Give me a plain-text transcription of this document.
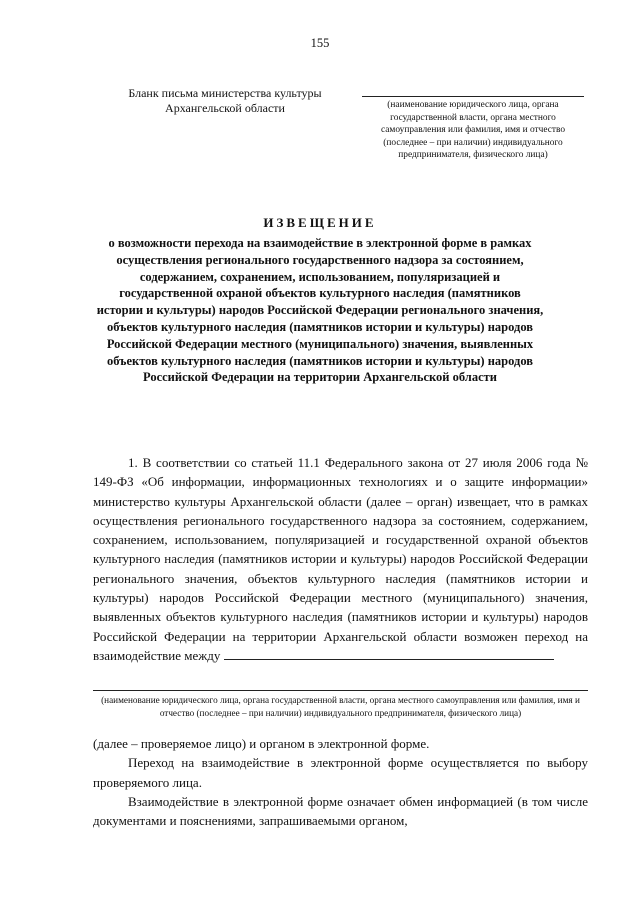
155
Бланк письма министерства культуры
Архангельской области	(наименование юридического лица, органа государственной власти, органа местного самоуправления или фамилия, имя и отчество (последнее – при наличии) индивидуального предпринимателя, физического лица)
ИЗВЕЩЕНИЕ
о возможности перехода на взаимодействие в электронной форме в рамках осуществления регионального государственного надзора за состоянием, содержанием, сохранением, использованием, популяризацией и государственной охраной объектов культурного наследия (памятников истории и культуры) народов Российской Федерации регионального значения, объектов культурного наследия (памятников истории и культуры) народов Российской Федерации местного (муниципального) значения, выявленных объектов культурного наследия (памятников истории и культуры) народов Российской Федерации на территории Архангельской области

1. В соответствии со статьей 11.1 Федерального закона от 27 июля 2006 года № 149-ФЗ «Об информации, информационных технологиях и о защите информации» министерство культуры Архангельской области (далее – орган) извещает, что в рамках осуществления регионального государственного надзора за состоянием, содержанием, сохранением, использованием, популяризацией и государственной охраной объектов культурного наследия (памятников истории и культуры) народов Российской Федерации регионального значения, объектов культурного наследия (памятников истории и культуры) народов Российской Федерации местного (муниципального) значения, выявленных объектов культурного наследия (памятников истории и культуры) народов Российской Федерации на территории Архангельской области возможен переход на взаимодействие между

(наименование юридического лица, органа государственной власти, органа местного самоуправления или фамилия, имя и отчество (последнее – при наличии) индивидуального предпринимателя, физического лица)

(далее – проверяемое лицо) и органом в электронной форме.

Переход на взаимодействие в электронной форме осуществляется по выбору проверяемого лица.

Взаимодействие в электронной форме означает обмен информацией (в том числе документами и пояснениями, запрашиваемыми органом,
